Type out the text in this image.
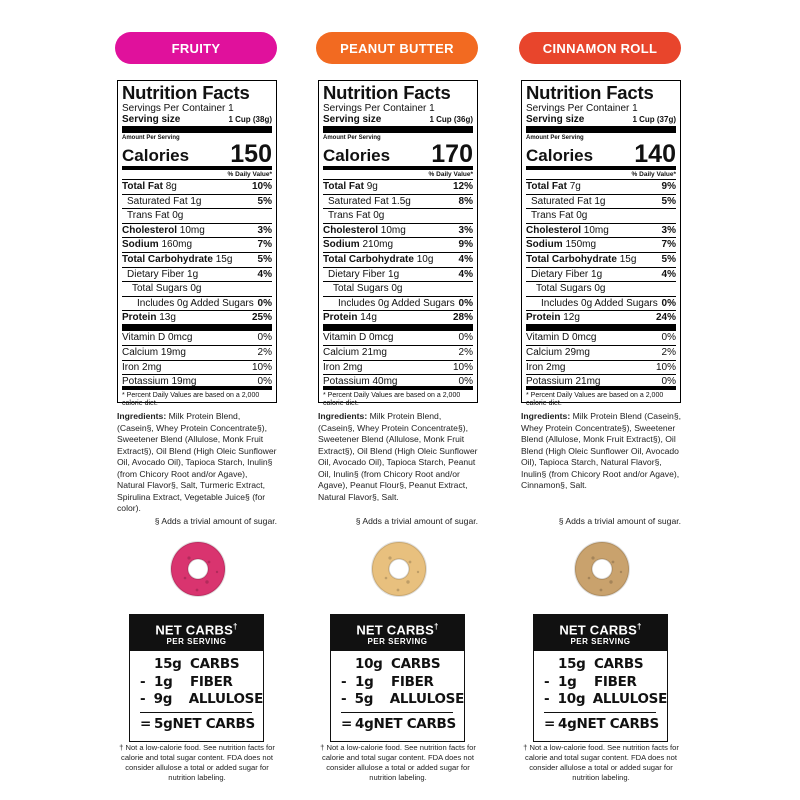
FRUITY
Nutrition Facts
Servings Per Container 1
Serving size	1 Cup (38g)
Amount Per Serving
Calories 150
% Daily Value*
Total Fat 8g	10%
Saturated Fat 1g	5%
Trans Fat 0g
Cholesterol 10mg	3%
Sodium 160mg	7%
Total Carbohydrate 15g	5%
Dietary Fiber 1g	4%
Total Sugars 0g
Includes 0g Added Sugars 0%
Protein 13g	25%
Vitamin D 0mcg	0%
Calcium 19mg	2%
Iron 2mg	10%
Potassium 19mg	0%
* Percent Daily Values are based on a 2,000 calorie diet.
Ingredients: Milk Protein Blend, (Casein§, Whey Protein Concentrate§), Sweetener Blend (Allulose, Monk Fruit Extract§), Oil Blend (High Oleic Sunflower Oil, Avocado Oil), Tapioca Starch, Inulin§ (from Chicory Root and/or Agave), Natural Flavor§, Salt, Turmeric Extract, Spirulina Extract, Vegetable Juice§ (for color).
§ Adds a trivial amount of sugar.
NET CARBS†
PER SERVING
15g CARBS
- 1g	FIBER
- 9g	ALLULOSE
= 5g NET CARBS
† Not a low-calorie food. See nutrition facts for calorie and total sugar content. FDA does not consider allulose a total or added sugar for nutrition labeling.
PEANUT BUTTER
Nutrition Facts
Servings Per Container 1
Serving size	1 Cup (36g)
Amount Per Serving
Calories 170
% Daily Value*
Total Fat 9g	12%
Saturated Fat 1.5g	8%
Trans Fat 0g
Cholesterol 10mg	3%
Sodium 210mg	9%
Total Carbohydrate 10g	4%
Dietary Fiber 1g	4%
Total Sugars 0g
Includes 0g Added Sugars 0%
Protein 14g	28%
Vitamin D 0mcg	0%
Calcium 21mg	2%
Iron 2mg	10%
Potassium 40mg	0%
* Percent Daily Values are based on a 2,000 calorie diet.
Ingredients: Milk Protein Blend, (Casein§, Whey Protein Concentrate§), Sweetener Blend (Allulose, Monk Fruit Extract§), Oil Blend (High Oleic Sunflower Oil, Avocado Oil), Tapioca Starch, Peanut Oil, Inulin§ (from Chicory Root and/or Agave), Peanut Flour§, Peanut Extract, Natural Flavor§, Salt.
§ Adds a trivial amount of sugar.
NET CARBS†
PER SERVING
10g CARBS
- 1g	FIBER
- 5g	ALLULOSE
= 4g NET CARBS
† Not a low-calorie food. See nutrition facts for calorie and total sugar content. FDA does not consider allulose a total or added sugar for nutrition labeling.
CINNAMON ROLL
Nutrition Facts
Servings Per Container 1
Serving size	1 Cup (37g)
Amount Per Serving
Calories 140
% Daily Value*
Total Fat 7g	9%
Saturated Fat 1g	5%
Trans Fat 0g
Cholesterol 10mg	3%
Sodium 150mg	7%
Total Carbohydrate 15g	5%
Dietary Fiber 1g	4%
Total Sugars 0g
Includes 0g Added Sugars 0%
Protein 12g	24%
Vitamin D 0mcg	0%
Calcium 29mg	2%
Iron 2mg	10%
Potassium 21mg	0%
* Percent Daily Values are based on a 2,000 calorie diet.
Ingredients: Milk Protein Blend (Casein§, Whey Protein Concentrate§), Sweetener Blend (Allulose, Monk Fruit Extract§), Oil Blend (High Oleic Sunflower Oil, Avocado Oil), Tapioca Starch, Natural Flavor§, Inulin§ (from Chicory Root and/or Agave), Cinnamon§, Salt.
§ Adds a trivial amount of sugar.
NET CARBS†
PER SERVING
15g CARBS
- 1g	FIBER
- 10g ALLULOSE
= 4g NET CARBS
† Not a low-calorie food. See nutrition facts for calorie and total sugar content. FDA does not consider allulose a total or added sugar for nutrition labeling.
